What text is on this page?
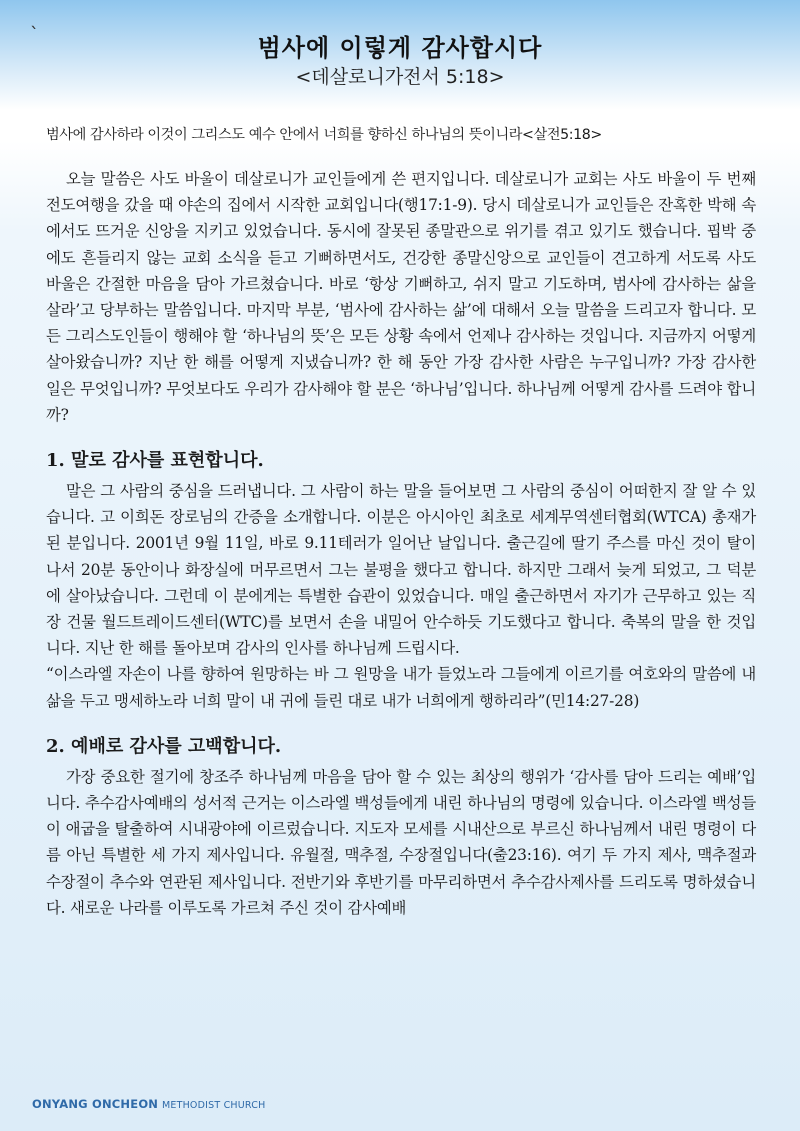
`	범사에 이렇게 감사합시다
<데살로니가전서 5:18>

범사에 감사하라 이것이 그리스도 예수 안에서 너희를 향하신 하나님의 뜻이니라<살전5:18>

오늘 말씀은 사도 바울이 데살로니가 교인들에게 쓴 편지입니다. 데살로니가 교회는 사도 바울이 두 번째 전도여행을 갔을 때 야손의 집에서 시작한 교회입니다(행17:1-9). 당시 데살로니가 교인들은 잔혹한 박해 속에서도 뜨거운 신앙을 지키고 있었습니다. 동시에 잘못된 종말관으로 위기를 겪고 있기도 했습니다. 핍박 중에도 흔들리지 않는 교회 소식을 듣고 기뻐하면서도, 건강한 종말신앙으로 교인들이 견고하게 서도록 사도 바울은 간절한 마음을 담아 가르쳤습니다. 바로 ‘항상 기뻐하고, 쉬지 말고 기도하며, 범사에 감사하는 삶을 살라’고 당부하는 말씀입니다. 마지막 부분, ‘범사에 감사하는 삶’에 대해서 오늘 말씀을 드리고자 합니다. 모든 그리스도인들이 행해야 할 ‘하나님의 뜻’은 모든 상황 속에서 언제나 감사하는 것입니다. 지금까지 어떻게 살아왔습니까? 지난 한 해를 어떻게 지냈습니까? 한 해 동안 가장 감사한 사람은 누구입니까? 가장 감사한 일은 무엇입니까? 무엇보다도 우리가 감사해야 할 분은 ‘하나님’입니다. 하나님께 어떻게 감사를 드려야 합니까?

1. 말로 감사를 표현합니다.

말은 그 사람의 중심을 드러냅니다. 그 사람이 하는 말을 들어보면 그 사람의 중심이 어떠한지 잘 알 수 있습니다. 고 이희돈 장로님의 간증을 소개합니다. 이분은 아시아인 최초로 세계무역센터협회(WTCA) 총재가 된 분입니다. 2001년 9월 11일, 바로 9.11테러가 일어난 날입니다. 출근길에 딸기 주스를 마신 것이 탈이 나서 20분 동안이나 화장실에 머무르면서 그는 불평을 했다고 합니다. 하지만 그래서 늦게 되었고, 그 덕분에 살아났습니다. 그런데 이 분에게는 특별한 습관이 있었습니다. 매일 출근하면서 자기가 근무하고 있는 직장 건물 월드트레이드센터(WTC)를 보면서 손을 내밀어 안수하듯 기도했다고 합니다. 축복의 말을 한 것입니다. 지난 한 해를 돌아보며 감사의 인사를 하나님께 드립시다.

“이스라엘 자손이 나를 향하여 원망하는 바 그 원망을 내가 들었노라 그들에게 이르기를 여호와의 말씀에 내 삶을 두고 맹세하노라 너희 말이 내 귀에 들린 대로 내가 너희에게 행하리라”(민14:27-28)

2. 예배로 감사를 고백합니다.

가장 중요한 절기에 창조주 하나님께 마음을 담아 할 수 있는 최상의 행위가 ‘감사를 담아 드리는 예배’입니다. 추수감사예배의 성서적 근거는 이스라엘 백성들에게 내린 하나님의 명령에 있습니다. 이스라엘 백성들이 애굽을 탈출하여 시내광야에 이르렀습니다. 지도자 모세를 시내산으로 부르신 하나님께서 내린 명령이 다름 아닌 특별한 세 가지 제사입니다. 유월절, 맥추절, 수장절입니다(출23:16). 여기 두 가지 제사, 맥추절과 수장절이 추수와 연관된 제사입니다. 전반기와 후반기를 마무리하면서 추수감사제사를 드리도록 명하셨습니다. 새로운 나라를 이루도록 가르쳐 주신 것이 감사예배

ONYANG ONCHEON METHODIST CHURCH
